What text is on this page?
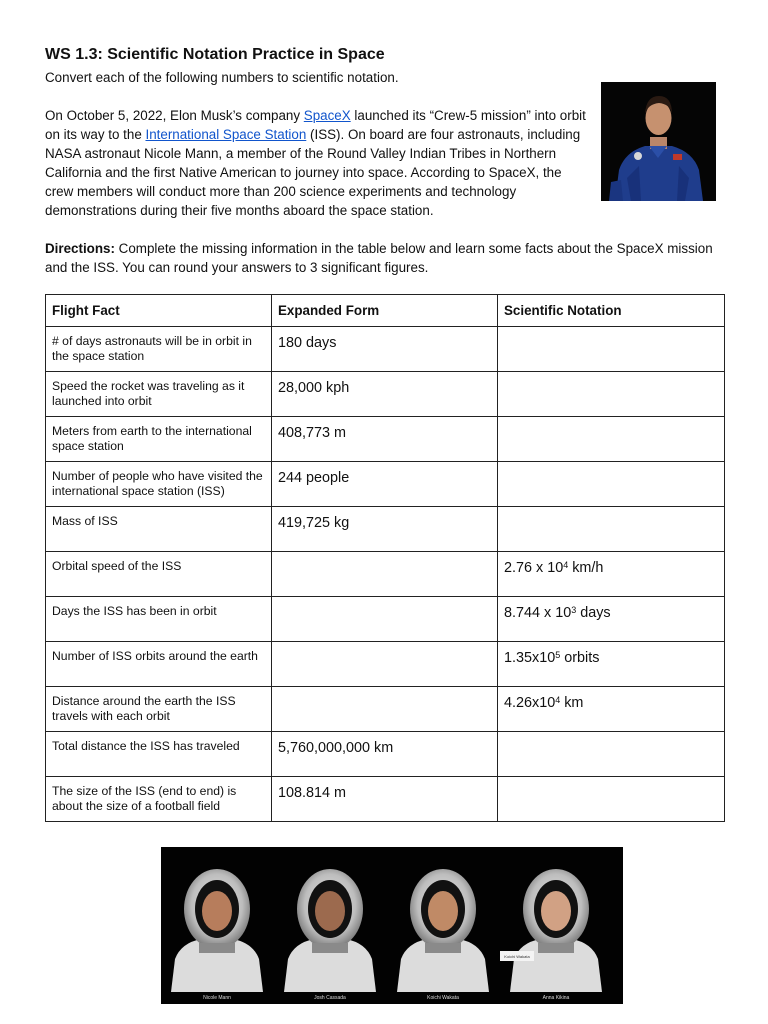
WS 1.3: Scientific Notation Practice in Space

Convert each of the following numbers to scientific notation.

On October 5, 2022, Elon Musk’s company SpaceX launched its “Crew-5 mission” into orbit on its way to the International Space Station (ISS). On board are four astronauts, including NASA astronaut Nicole Mann, a member of the Round Valley Indian Tribes in Northern California and the first Native American to journey into space. According to SpaceX, the crew members will conduct more than 200 science experiments and technology demonstrations during their five months aboard the space station.

Directions: Complete the missing information in the table below and learn some facts about the SpaceX mission and the ISS. You can round your answers to 3 significant figures.

Flight Fact	Expanded Form	Scientific Notation
# of days astronauts will be in orbit in the space station	180 days	
Speed the rocket was traveling as it launched into orbit	28,000 kph	
Meters from earth to the international space station	408,773 m	
Number of people who have visited the international space station (ISS)	244 people	
Mass of ISS	419,725 kg	
Orbital speed of the ISS		2.76 x $10^4$ km/h
Days the ISS has been in orbit		8.744 x $10^3$ days
Number of ISS orbits around the earth		$1.35x10^5$ orbits
Distance around the earth the ISS travels with each orbit		$4.26x10^4$ km
Total distance the ISS has traveled	5,760,000,000 km	
The size of the ISS (end to end) is about the size of a football field	108.814 m	
Koichi Wakata
Nicole Mann	Josh Cassada	Koichi Wakata	Anna Kikina
